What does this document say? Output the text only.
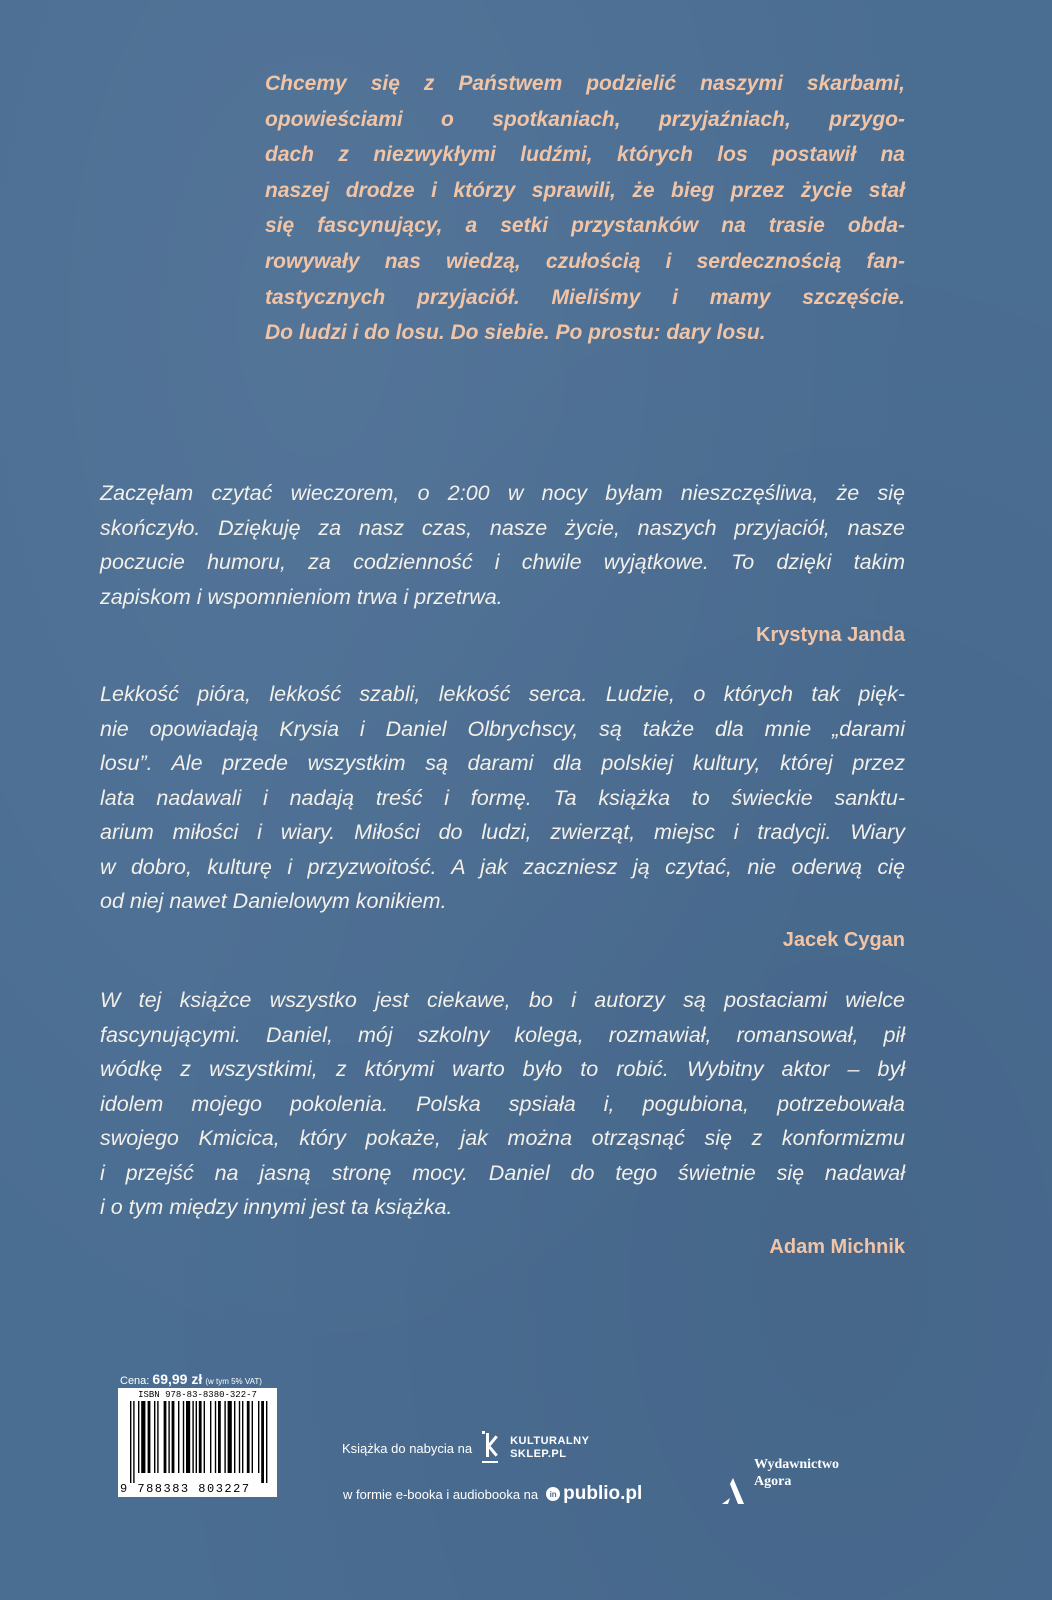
Chcemy się z Państwem podzielić naszymi skarbami,
opowieściami o spotkaniach, przyjaźniach, przygo-
dach z niezwykłymi ludźmi, których los postawił na
naszej drodze i którzy sprawili, że bieg przez życie stał
się fascynujący, a setki przystanków na trasie obda-
rowywały nas wiedzą, czułością i serdecznością fan-
tastycznych przyjaciół. Mieliśmy i mamy szczęście.
Do ludzi i do losu. Do siebie. Po prostu: dary losu.
Zaczęłam czytać wieczorem, o 2:00 w nocy byłam nieszczęśliwa, że się
skończyło. Dziękuję za nasz czas, nasze życie, naszych przyjaciół, nasze
poczucie humoru, za codzienność i chwile wyjątkowe. To dzięki takim
zapiskom i wspomnieniom trwa i przetrwa.
Krystyna Janda
Lekkość pióra, lekkość szabli, lekkość serca. Ludzie, o których tak pięk-
nie opowiadają Krysia i Daniel Olbrychscy, są także dla mnie „darami
losu”. Ale przede wszystkim są darami dla polskiej kultury, której przez
lata nadawali i nadają treść i formę. Ta książka to świeckie sanktu-
arium miłości i wiary. Miłości do ludzi, zwierząt, miejsc i tradycji. Wiary
w dobro, kulturę i przyzwoitość. A jak zaczniesz ją czytać, nie oderwą cię
od niej nawet Danielowym konikiem.
Jacek Cygan
W tej książce wszystko jest ciekawe, bo i autorzy są postaciami wielce
fascynującymi. Daniel, mój szkolny kolega, rozmawiał, romansował, pił
wódkę z wszystkimi, z którymi warto było to robić. Wybitny aktor – był
idolem mojego pokolenia. Polska spsiała i, pogubiona, potrzebowała
swojego Kmicica, który pokaże, jak można otrząsnąć się z konformizmu
i przejść na jasną stronę mocy. Daniel do tego świetnie się nadawał
i o tym między innymi jest ta książka.
Adam Michnik
Cena: 69,99 zł (w tym 5% VAT)
ISBN 978-83-8380-322-7
9 788383 803227
Książka do nabycia na	KULTURALNY
SKLEP.PL
w formie e-booka i audiobooka na	in publio.pl
Wydawnictwo
Agora
